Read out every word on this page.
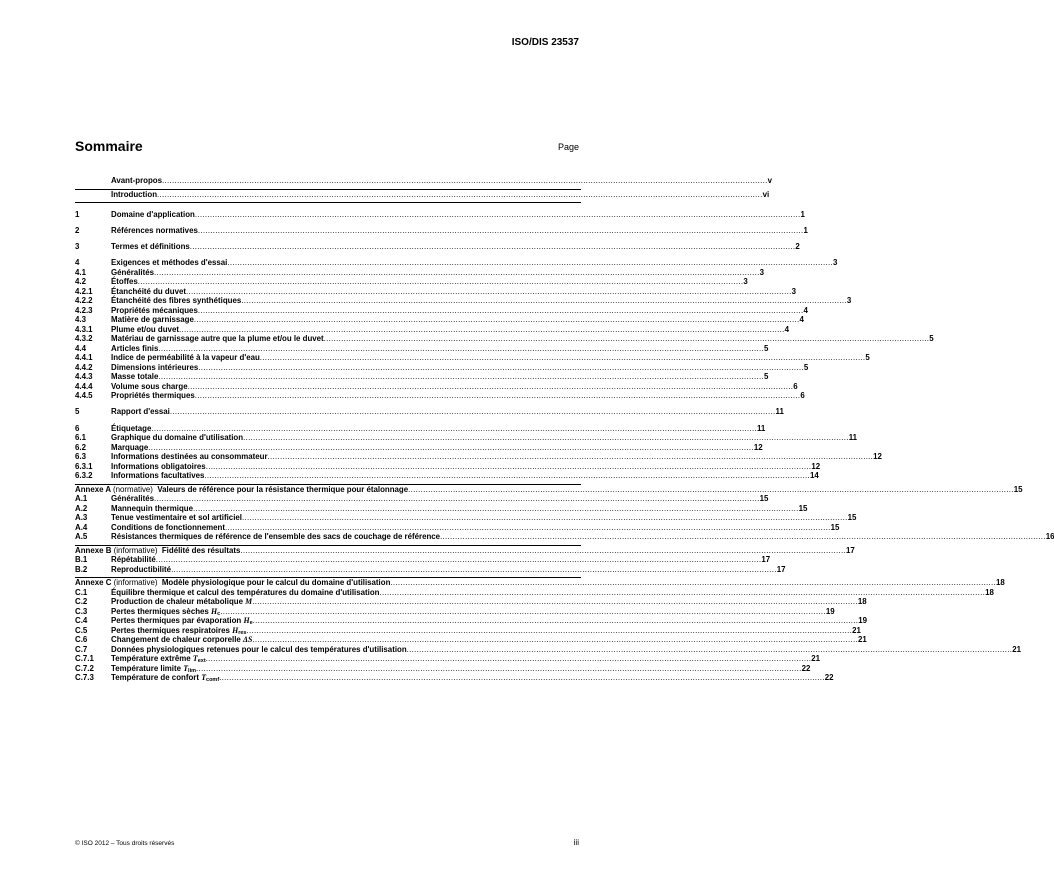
ISO/DIS 23537
Sommaire	Page
Avant-propos .....	v
Introduction .....	vi
1	Domaine d'application .....	1
2	Références normatives .....	1
3	Termes et définitions .....	2
4	Exigences et méthodes d'essai .....	3
4.1	Généralités .....	3
4.2	Étoffes .....	3
4.2.1	Étanchéité du duvet .....	3
4.2.2	Étanchéité des fibres synthétiques .....	3
4.2.3	Propriétés mécaniques .....	4
4.3	Matière de garnissage .....	4
4.3.1	Plume et/ou duvet .....	4
4.3.2	Matériau de garnissage autre que la plume et/ou le duvet .....	5
4.4	Articles finis .....	5
4.4.1	Indice de perméabilité à la vapeur d'eau .....	5
4.4.2	Dimensions intérieures .....	5
4.4.3	Masse totale .....	5
4.4.4	Volume sous charge .....	6
4.4.5	Propriétés thermiques .....	6
5	Rapport d'essai .....	11
6	Étiquetage .....	11
6.1	Graphique du domaine d'utilisation .....	11
6.2	Marquage .....	12
6.3	Informations destinées au consommateur .....	12
6.3.1	Informations obligatoires .....	12
6.3.2	Informations facultatives .....	14
Annexe A (normative) Valeurs de référence pour la résistance thermique pour étalonnage .....	15
A.1	Généralités .....	15
A.2	Mannequin thermique .....	15
A.3	Tenue vestimentaire et sol artificiel .....	15
A.4	Conditions de fonctionnement .....	15
A.5	Résistances thermiques de référence de l'ensemble des sacs de couchage de référence .....	16
Annexe B (informative) Fidélité des résultats .....	17
B.1	Répétabilité .....	17
B.2	Reproductibilité .....	17
Annexe C (informative) Modèle physiologique pour le calcul du domaine d'utilisation .....	18
C.1	Équilibre thermique et calcul des températures du domaine d'utilisation .....	18
C.2	Production de chaleur métabolique M .....	18
C.3	Pertes thermiques sèches $H_c$ .....	19
C.4	Pertes thermiques par évaporation $H_e$ .....	19
C.5	Pertes thermiques respiratoires $H_{res}$ .....	21
C.6	Changement de chaleur corporelle ΔS .....	21
C.7	Données physiologiques retenues pour le calcul des températures d'utilisation .....	21
C.7.1	Température extrême $T_{ext}$ .....	21
C.7.2	Température limite $T_{lim}$ .....	22
C.7.3	Température de confort $T_{comf}$ .....	22
© ISO 2012 – Tous droits réservés	iii
